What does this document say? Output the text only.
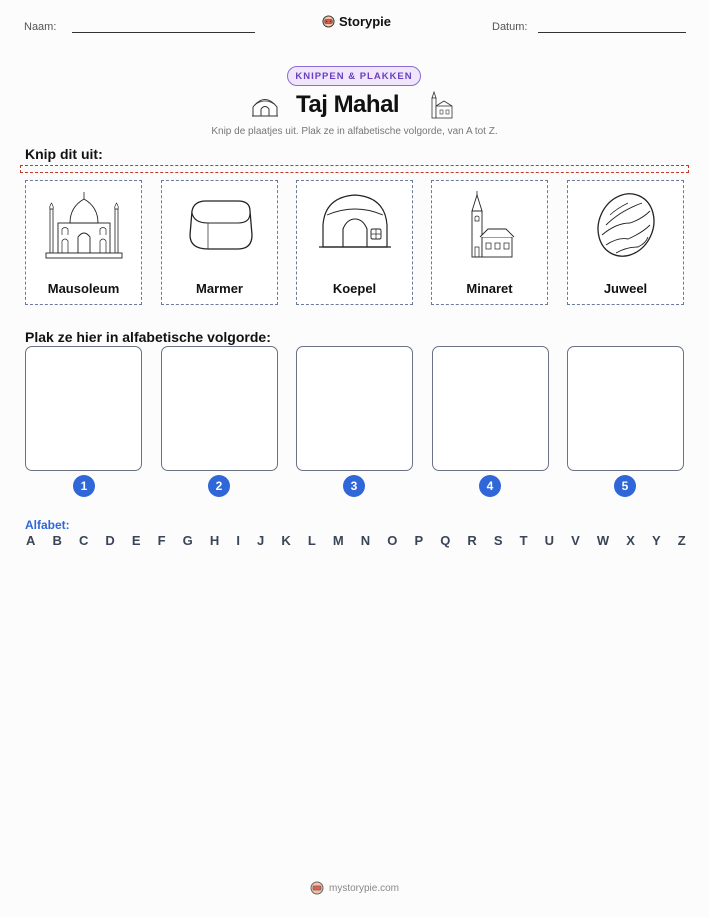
Naam:	Storypie	Datum:
KNIPPEN & PLAKKEN
Taj Mahal
Knip de plaatjes uit. Plak ze in alfabetische volgorde, van A tot Z.
Knip dit uit:
Mausoleum	Marmer	Koepel	Minaret	Juweel
Plak ze hier in alfabetische volgorde:
1	2	3	4	5
Alfabet:
A B C D E F G H I J K L M N O P Q R S T U V W X Y Z
mystorypie.com
